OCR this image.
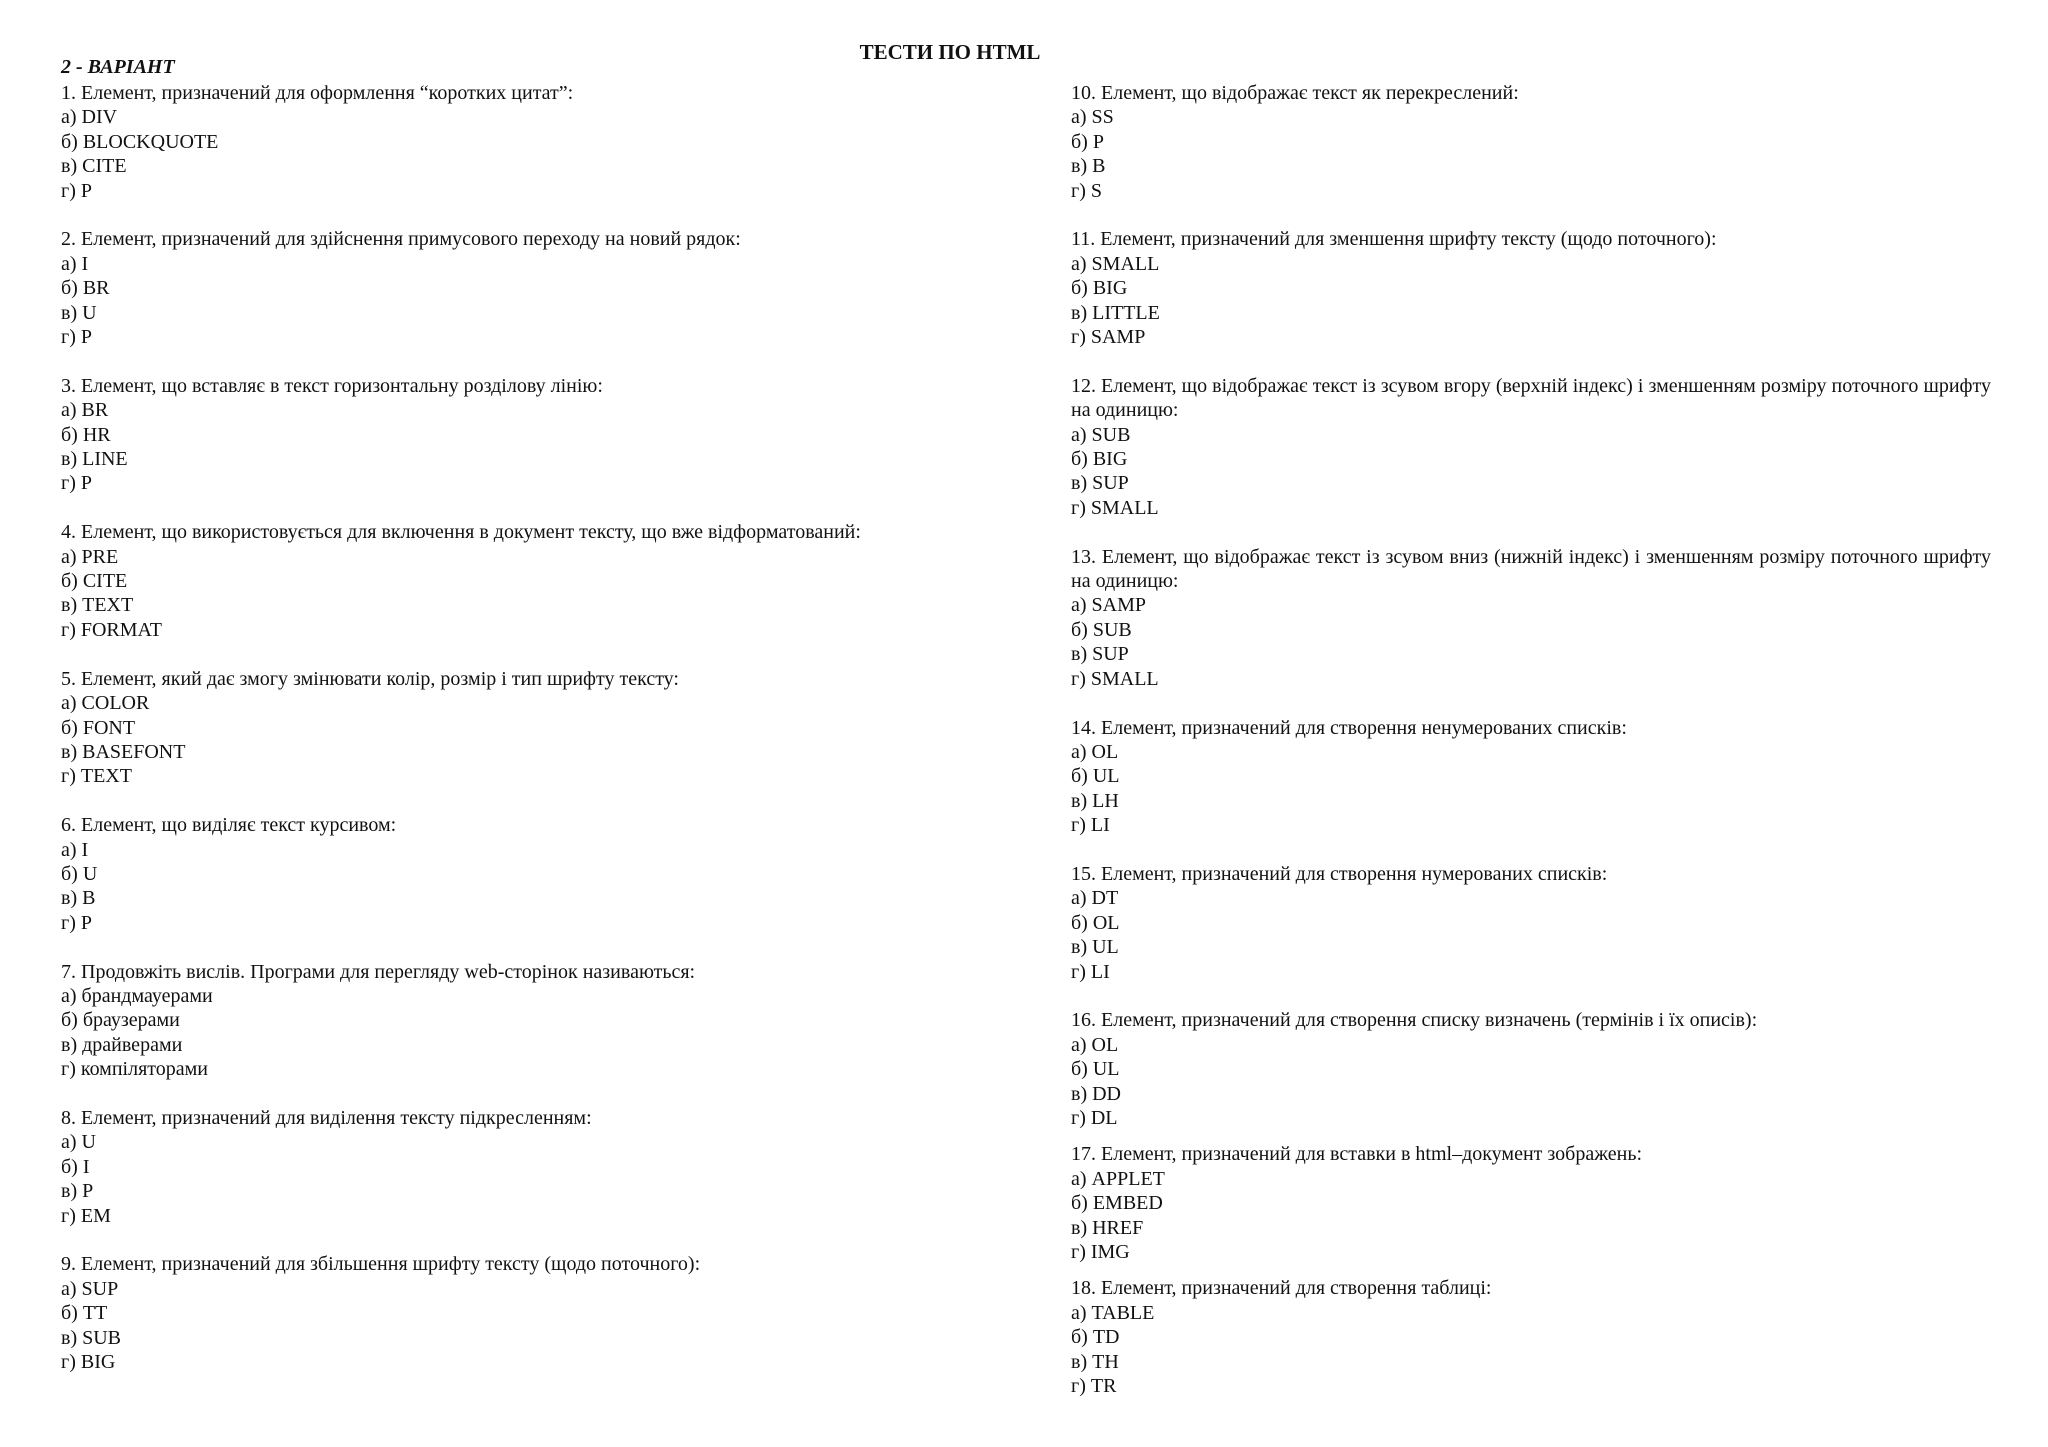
ТЕСТИ ПО HTML
2 - ВАРІАНТ
1. Елемент, призначений для оформлення “коротких цитат”:
а) DIV
б) BLOCKQUOTE
в) CITE
г) P
2. Елемент, призначений для здійснення примусового переходу на новий рядок:
а) I
б) BR
в) U
г) P
3. Елемент, що вставляє в текст горизонтальну розділову лінію:
а) BR
б) HR
в) LINE
г) P
4. Елемент, що використовується для включення в документ тексту, що вже відформатований:
а) PRE
б) CITE
в) TEXT
г) FORMAT
5. Елемент, який дає змогу змінювати колір, розмір і тип шрифту тексту:
а) COLOR
б) FONT
в) BASEFONT
г) TEXT
6. Елемент, що виділяє текст курсивом:
а) I
б) U
в) B
г) P
7. Продовжіть вислів. Програми для перегляду web-сторінок називаються:
а) брандмауерами
б) браузерами
в) драйверами
г) компіляторами
8. Елемент, призначений для виділення тексту підкресленням:
а) U
б) I
в) P
г) EM
9. Елемент, призначений для збільшення шрифту тексту (щодо поточного):
а) SUP
б) TT
в) SUB
г) BIG
10. Елемент, що відображає текст як перекреслений:
а) SS
б) P
в) B
г) S
11. Елемент, призначений для зменшення шрифту тексту (щодо поточного):
а) SMALL
б) BIG
в) LITTLE
г) SAMP
12. Елемент, що відображає текст із зсувом вгору (верхній індекс) і зменшенням розміру поточного шрифту на одиницю:
а) SUB
б) BIG
в) SUP
г) SMALL
13. Елемент, що відображає текст із зсувом вниз (нижній індекс) і зменшенням розміру поточного шрифту на одиницю:
а) SAMP
б) SUB
в) SUP
г) SMALL
14. Елемент, призначений для створення ненумерованих списків:
а) OL
б) UL
в) LH
г) LI
15. Елемент, призначений для створення нумерованих списків:
а) DT
б) OL
в) UL
г) LI
16. Елемент, призначений для створення списку визначень (термінів і їх описів):
а) OL
б) UL
в) DD
г) DL
17. Елемент, призначений для вставки в html–документ зображень:
а) APPLET
б) EMBED
в) HREF
г) IMG
18. Елемент, призначений для створення таблиці:
а) TABLE
б) TD
в) TH
г) TR
